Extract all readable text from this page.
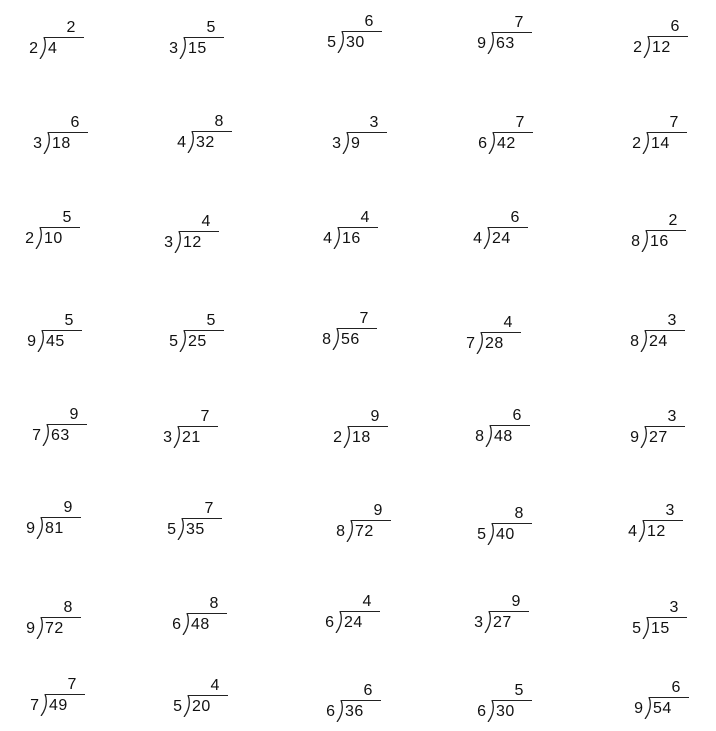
2
2 4
5
3 15
6
5 30
7
9 63
6
2 12
6
3 18
8
4 32
3
3 9
7
6 42
7
2 14
5
2 10
4
3 12
4
4 16
6
4 24
2
8 16
5
9 45
5
5 25
7
8 56
4
7 28
3
8 24
9
7 63
7
3 21
9
2 18
6
8 48
3
9 27
9
9 81
7
5 35
9
8 72
8
5 40
3
4 12
8
9 72
8
6 48
4
6 24
9
3 27
3
5 15
7
7 49
4
5 20
6
6 36
5
6 30
6
9 54
